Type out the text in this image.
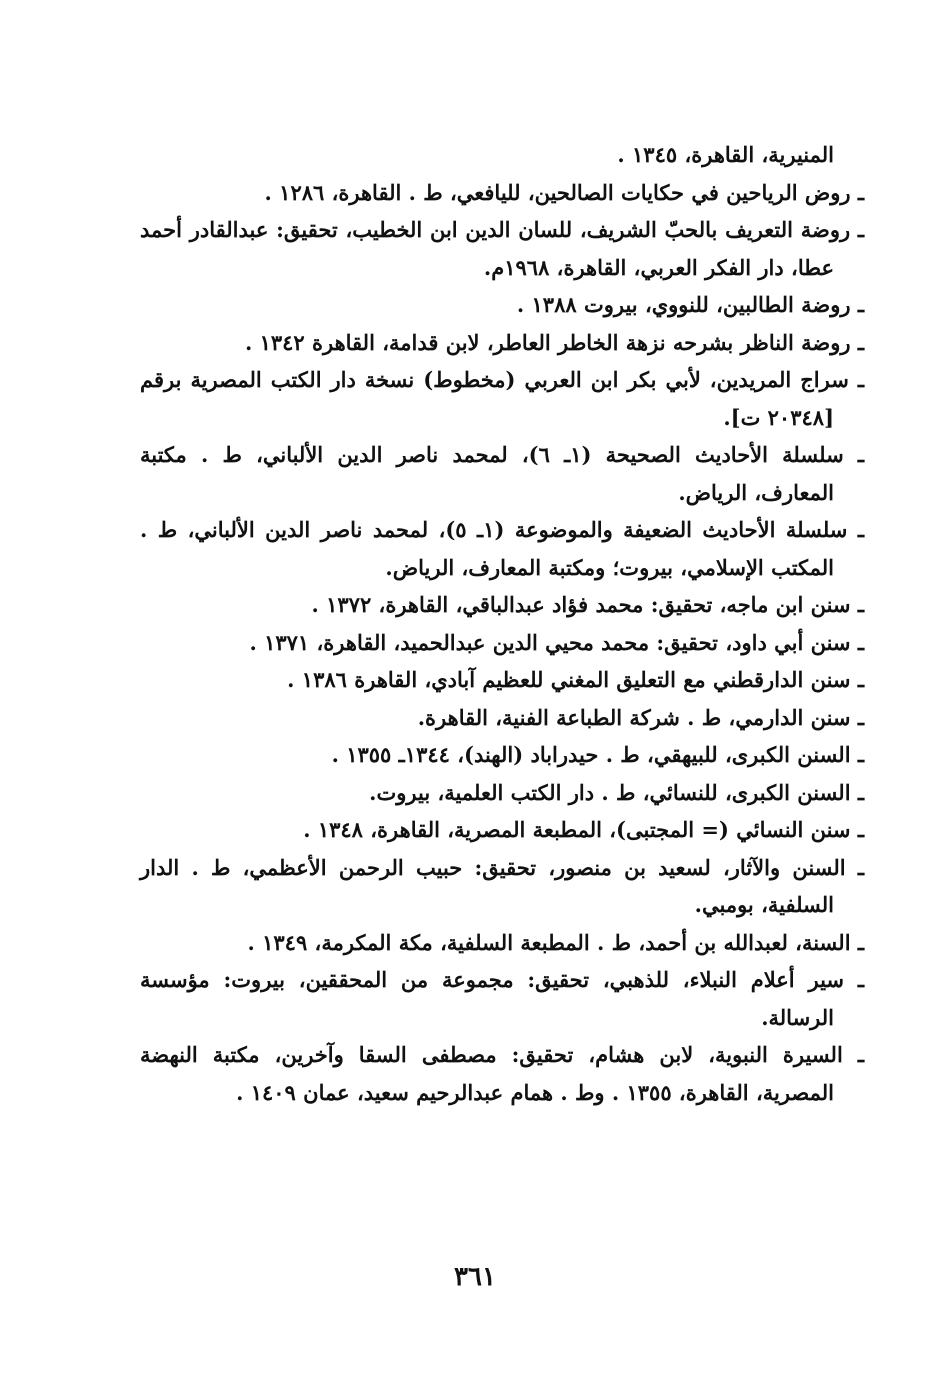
المنيرية، القاهرة، ١٣٤٥ .

ـ روض الرياحين في حكايات الصالحين، لليافعي، ط . القاهرة، ١٢٨٦ .

ـ روضة التعريف بالحبّ الشريف، للسان الدين ابن الخطيب، تحقيق: عبدالقادر أحمد عطا، دار الفكر العربي، القاهرة، ١٩٦٨م.

ـ روضة الطالبين، للنووي، بيروت ١٣٨٨ .

ـ روضة الناظر بشرحه نزهة الخاطر العاطر، لابن قدامة، القاهرة ١٣٤٢ .

ـ سراج المريدين، لأبي بكر ابن العربي (مخطوط) نسخة دار الكتب المصرية برقم [٢٠٣٤٨ ت].

ـ سلسلة الأحاديث الصحيحة (١ـ ٦)، لمحمد ناصر الدين الألباني، ط . مكتبة المعارف، الرياض.

ـ سلسلة الأحاديث الضعيفة والموضوعة (١ـ ٥)، لمحمد ناصر الدين الألباني، ط . المكتب الإسلامي، بيروت؛ ومكتبة المعارف، الرياض.

ـ سنن ابن ماجه، تحقيق: محمد فؤاد عبدالباقي، القاهرة، ١٣٧٢ .

ـ سنن أبي داود، تحقيق: محمد محيي الدين عبدالحميد، القاهرة، ١٣٧١ .

ـ سنن الدارقطني مع التعليق المغني للعظيم آبادي، القاهرة ١٣٨٦ .

ـ سنن الدارمي، ط . شركة الطباعة الفنية، القاهرة.

ـ السنن الكبرى، للبيهقي، ط . حيدراباد (الهند)، ١٣٤٤ـ ١٣٥٥ .

ـ السنن الكبرى، للنسائي، ط . دار الكتب العلمية، بيروت.

ـ سنن النسائي (= المجتبى)، المطبعة المصرية، القاهرة، ١٣٤٨ .

ـ السنن والآثار، لسعيد بن منصور، تحقيق: حبيب الرحمن الأعظمي، ط . الدار السلفية، بومبي.

ـ السنة، لعبدالله بن أحمد، ط . المطبعة السلفية، مكة المكرمة، ١٣٤٩ .

ـ سير أعلام النبلاء، للذهبي، تحقيق: مجموعة من المحققين، بيروت: مؤسسة الرسالة.

ـ السيرة النبوية، لابن هشام، تحقيق: مصطفى السقا وآخرين، مكتبة النهضة المصرية، القاهرة، ١٣٥٥ . وط . همام عبدالرحيم سعيد، عمان ١٤٠٩ .

٣٦١
